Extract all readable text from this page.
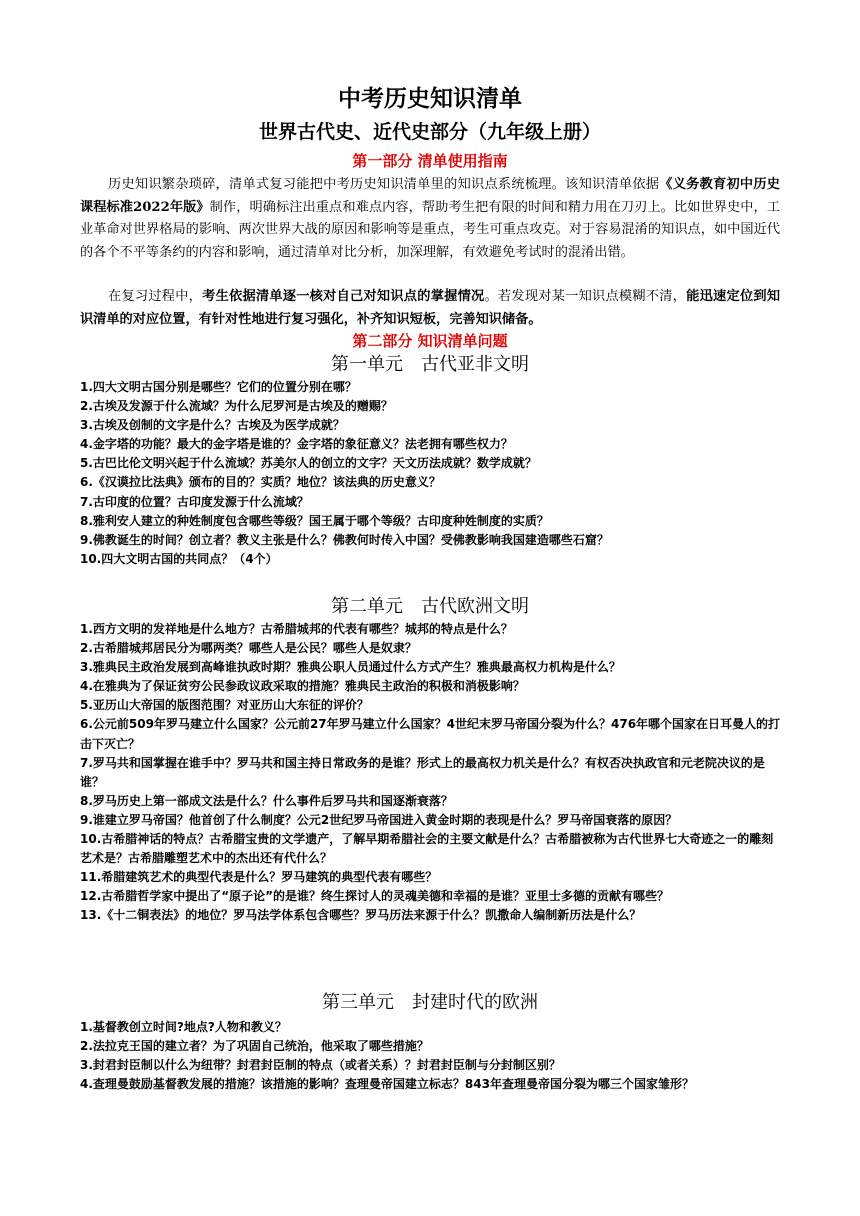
中考历史知识清单
世界古代史、近代史部分（九年级上册）
第一部分 清单使用指南

历史知识繁杂琐碎，清单式复习能把中考历史知识清单里的知识点系统梳理。该知识清单依据《义务教育初中历史课程标准2022年版》制作，明确标注出重点和难点内容，帮助考生把有限的时间和精力用在刀刃上。比如世界史中，工业革命对世界格局的影响、两次世界大战的原因和影响等是重点，考生可重点攻克。对于容易混淆的知识点，如中国近代的各个不平等条约的内容和影响，通过清单对比分析，加深理解，有效避免考试时的混淆出错。

在复习过程中，考生依据清单逐一核对自己对知识点的掌握情况。若发现对某一知识点模糊不清，能迅速定位到知识清单的对应位置，有针对性地进行复习强化，补齐知识短板，完善知识储备。

第二部分 知识清单问题
第一单元　古代亚非文明
1.四大文明古国分别是哪些？它们的位置分别在哪？
2.古埃及发源于什么流域？为什么尼罗河是古埃及的赠赐？
3.古埃及创制的文字是什么？古埃及为医学成就？
4.金字塔的功能？最大的金字塔是谁的？金字塔的象征意义？法老拥有哪些权力？
5.古巴比伦文明兴起于什么流域？苏美尔人的创立的文字？天文历法成就？数学成就？
6.《汉谟拉比法典》颁布的目的？实质？地位？该法典的历史意义？
7.古印度的位置？古印度发源于什么流域？
8.雅利安人建立的种姓制度包含哪些等级？国王属于哪个等级？古印度种姓制度的实质？
9.佛教诞生的时间？创立者？教义主张是什么？佛教何时传入中国？受佛教影响我国建造哪些石窟？
10.四大文明古国的共同点？（4个）
第二单元　古代欧洲文明
1.西方文明的发祥地是什么地方？古希腊城邦的代表有哪些？城邦的特点是什么？
2.古希腊城邦居民分为哪两类？哪些人是公民？哪些人是奴隶？
3.雅典民主政治发展到高峰谁执政时期？雅典公职人员通过什么方式产生？雅典最高权力机构是什么？
4.在雅典为了保证贫穷公民参政议政采取的措施？雅典民主政治的积极和消极影响？
5.亚历山大帝国的版图范围？对亚历山大东征的评价？
6.公元前509年罗马建立什么国家？公元前27年罗马建立什么国家？4世纪末罗马帝国分裂为什么？476年哪个国家在日耳曼人的打击下灭亡？
7.罗马共和国掌握在谁手中？罗马共和国主持日常政务的是谁？形式上的最高权力机关是什么？有权否决执政官和元老院决议的是谁？
8.罗马历史上第一部成文法是什么？什么事件后罗马共和国逐渐衰落？
9.谁建立罗马帝国？他首创了什么制度？公元2世纪罗马帝国进入黄金时期的表现是什么？罗马帝国衰落的原因？
10.古希腊神话的特点？古希腊宝贵的文学遗产，了解早期希腊社会的主要文献是什么？古希腊被称为古代世界七大奇迹之一的雕刻艺术是？古希腊雕塑艺术中的杰出还有代什么？
11.希腊建筑艺术的典型代表是什么？罗马建筑的典型代表有哪些？
12.古希腊哲学家中提出了“原子论”的是谁？终生探讨人的灵魂美德和幸福的是谁？亚里士多德的贡献有哪些？
13.《十二铜表法》的地位？罗马法学体系包含哪些？罗马历法来源于什么？凯撒命人编制新历法是什么？
第三单元　封建时代的欧洲
1.基督教创立时间?地点?人物和教义？
2.法拉克王国的建立者？为了巩固自己统治，他采取了哪些措施？
3.封君封臣制以什么为纽带？封君封臣制的特点（或者关系）？封君封臣制与分封制区别？
4.查理曼鼓励基督教发展的措施？该措施的影响？查理曼帝国建立标志？843年查理曼帝国分裂为哪三个国家雏形？
